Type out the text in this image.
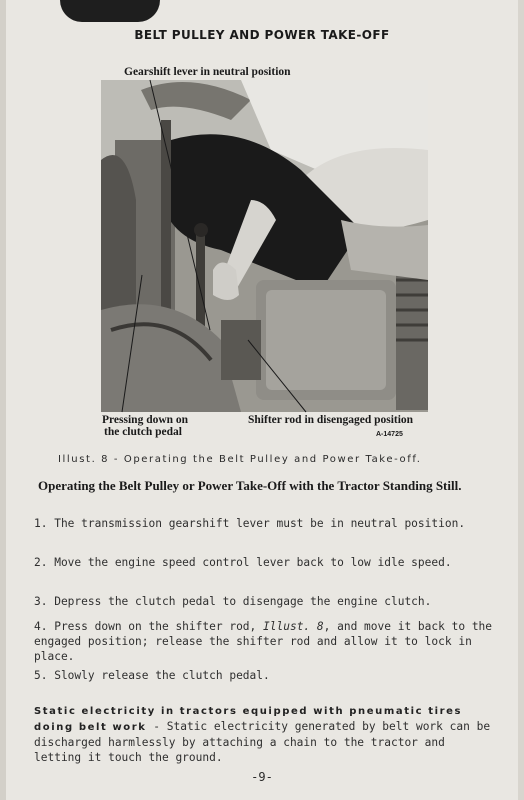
BELT PULLEY AND POWER TAKE-OFF
Gearshift lever in neutral position
Pressing down on
the clutch pedal
Shifter rod in disengaged position
A-14725
Illust. 8 - Operating the Belt Pulley and Power Take-off.
Operating the Belt Pulley or Power Take-Off with the Tractor Standing Still.
1. The transmission gearshift lever must be in neutral position.
2. Move the engine speed control lever back to low idle speed.
3. Depress the clutch pedal to disengage the engine clutch.
4. Press down on the shifter rod, Illust. 8, and move it back to the engaged position; release the shifter rod and allow it to lock in place.
5. Slowly release the clutch pedal.
Static electricity in tractors equipped with pneumatic tires doing belt work - Static electricity generated by belt work can be discharged harmlessly by attaching a chain to the tractor and letting it touch the ground.
-9-
